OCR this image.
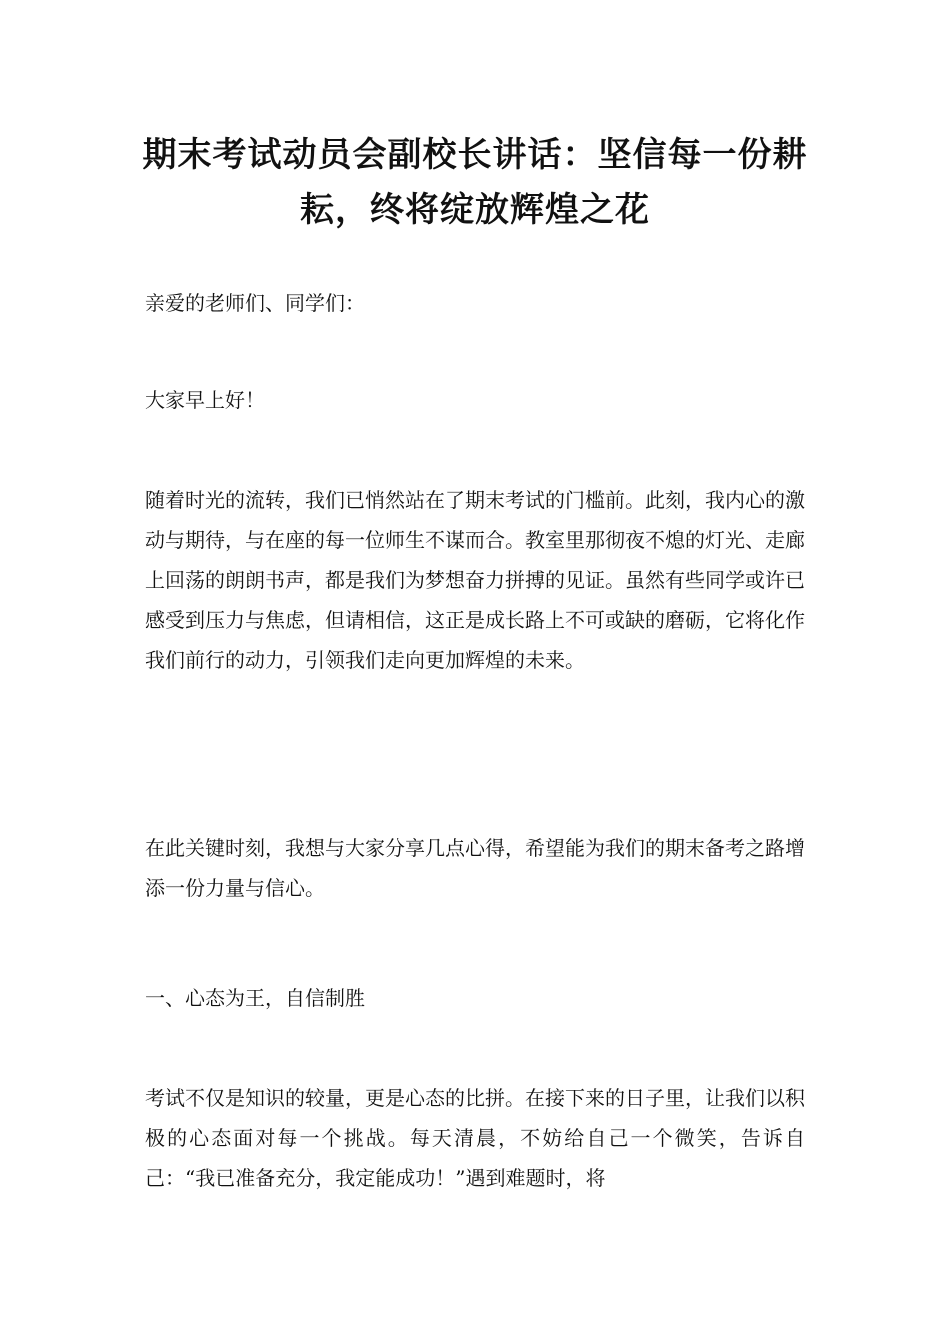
期末考试动员会副校长讲话：坚信每一份耕耘，终将绽放辉煌之花

亲爱的老师们、同学们：

大家早上好！

随着时光的流转，我们已悄然站在了期末考试的门槛前。此刻，我内心的激动与期待，与在座的每一位师生不谋而合。教室里那彻夜不熄的灯光、走廊上回荡的朗朗书声，都是我们为梦想奋力拼搏的见证。虽然有些同学或许已感受到压力与焦虑，但请相信，这正是成长路上不可或缺的磨砺，它将化作我们前行的动力，引领我们走向更加辉煌的未来。

在此关键时刻，我想与大家分享几点心得，希望能为我们的期末备考之路增添一份力量与信心。

一、心态为王，自信制胜

考试不仅是知识的较量，更是心态的比拼。在接下来的日子里，让我们以积极的心态面对每一个挑战。每天清晨，不妨给自己一个微笑，告诉自己：“我已准备充分，我定能成功！”遇到难题时，将
